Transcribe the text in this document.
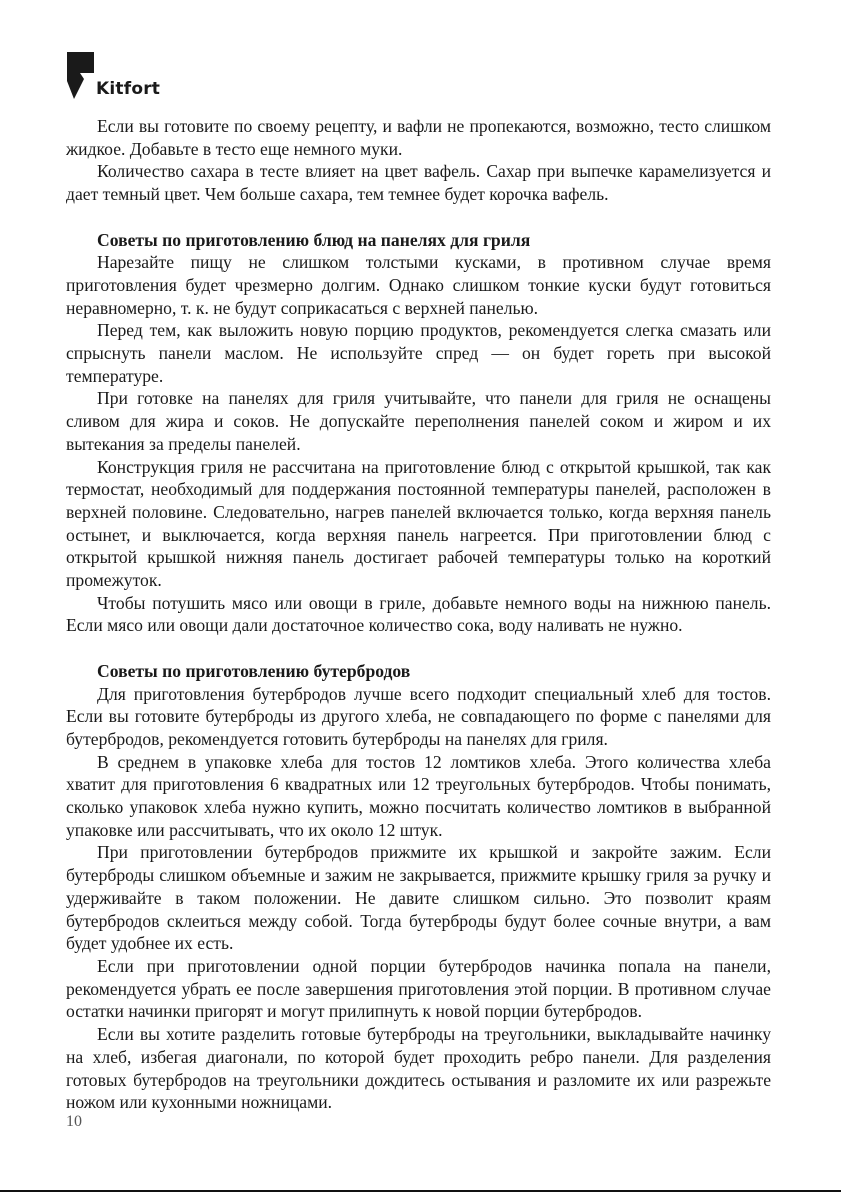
Kitfort

Если вы готовите по своему рецепту, и вафли не пропекаются, возможно, тесто слишком жидкое. Добавьте в тесто еще немного муки.

Количество сахара в тесте влияет на цвет вафель. Сахар при выпечке карамелизуется и дает темный цвет. Чем больше сахара, тем темнее будет корочка вафель.

Советы по приготовлению блюд на панелях для гриля

Нарезайте пищу не слишком толстыми кусками, в противном случае время приготовления будет чрезмерно долгим. Однако слишком тонкие куски будут готовиться неравномерно, т. к. не будут соприкасаться с верхней панелью.

Перед тем, как выложить новую порцию продуктов, рекомендуется слегка смазать или спрыснуть панели маслом. Не используйте спред — он будет гореть при высокой температуре.

При готовке на панелях для гриля учитывайте, что панели для гриля не оснащены сливом для жира и соков. Не допускайте переполнения панелей соком и жиром и их вытекания за пределы панелей.

Конструкция гриля не рассчитана на приготовление блюд с открытой крышкой, так как термостат, необходимый для поддержания постоянной температуры панелей, расположен в верхней половине. Следовательно, нагрев панелей включается только, когда верхняя панель остынет, и выключается, когда верхняя панель нагреется. При приготовлении блюд с открытой крышкой нижняя панель достигает рабочей температуры только на короткий промежуток.

Чтобы потушить мясо или овощи в гриле, добавьте немного воды на нижнюю панель. Если мясо или овощи дали достаточное количество сока, воду наливать не нужно.

Советы по приготовлению бутербродов

Для приготовления бутербродов лучше всего подходит специальный хлеб для тостов. Если вы готовите бутерброды из другого хлеба, не совпадающего по форме с панелями для бутербродов, рекомендуется готовить бутерброды на панелях для гриля.

В среднем в упаковке хлеба для тостов 12 ломтиков хлеба. Этого количества хлеба хватит для приготовления 6 квадратных или 12 треугольных бутербродов. Чтобы понимать, сколько упаковок хлеба нужно купить, можно посчитать количество ломтиков в выбранной упаковке или рассчитывать, что их около 12 штук.

При приготовлении бутербродов прижмите их крышкой и закройте зажим. Если бутерброды слишком объемные и зажим не закрывается, прижмите крышку гриля за ручку и удерживайте в таком положении. Не давите слишком сильно. Это позволит краям бутербродов склеиться между собой. Тогда бутерброды будут более сочные внутри, а вам будет удобнее их есть.

Если при приготовлении одной порции бутербродов начинка попала на панели, рекомендуется убрать ее после завершения приготовления этой порции. В противном случае остатки начинки пригорят и могут прилипнуть к новой порции бутербродов.

Если вы хотите разделить готовые бутерброды на треугольники, выкладывайте начинку на хлеб, избегая диагонали, по которой будет проходить ребро панели. Для разделения готовых бутербродов на треугольники дождитесь остывания и разломите их или разрежьте ножом или кухонными ножницами.

10
